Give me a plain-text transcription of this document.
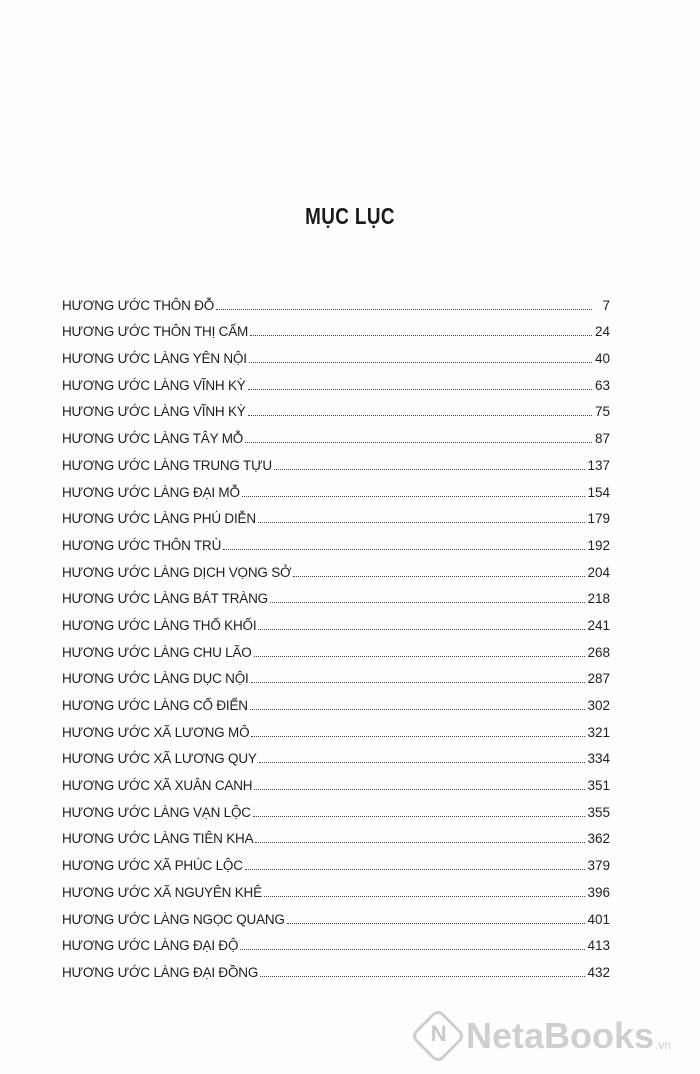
MỤC LỤC
HƯƠNG ƯỚC THÔN ĐỖ	7
HƯƠNG ƯỚC THÔN THỊ CẤM	24
HƯƠNG ƯỚC LÀNG YÊN NỘI	40
HƯƠNG ƯỚC LÀNG VĨNH KỲ	63
HƯƠNG ƯỚC LÀNG VĨNH KỲ	75
HƯƠNG ƯỚC LÀNG TÂY MỖ	87
HƯƠNG ƯỚC LÀNG TRUNG TỰU	137
HƯƠNG ƯỚC LÀNG ĐẠI MỖ	154
HƯƠNG ƯỚC LÀNG PHÚ DIỄN	179
HƯƠNG ƯỚC THÔN TRÙ	192
HƯƠNG ƯỚC LÀNG DỊCH VỌNG SỞ	204
HƯƠNG ƯỚC LÀNG BÁT TRÀNG	218
HƯƠNG ƯỚC LÀNG THỔ KHỐI	241
HƯƠNG ƯỚC LÀNG CHU LÃO	268
HƯƠNG ƯỚC LÀNG DỤC NỘI	287
HƯƠNG ƯỚC LÀNG CỔ ĐIỂN	302
HƯƠNG ƯỚC XÃ LƯƠNG MÔ	321
HƯƠNG ƯỚC XÃ LƯƠNG QUY	334
HƯƠNG ƯỚC XÃ XUÂN CANH	351
HƯƠNG ƯỚC LÀNG VẠN LỘC	355
HƯƠNG ƯỚC LÀNG TIÊN KHA	362
HƯƠNG ƯỚC XÃ PHÚC LỘC	379
HƯƠNG ƯỚC XÃ NGUYÊN KHÊ	396
HƯƠNG ƯỚC LÀNG NGỌC QUANG	401
HƯƠNG ƯỚC LÀNG ĐẠI ĐỘ	413
HƯƠNG ƯỚC LÀNG ĐẠI ĐỒNG	432
N NetaBooks .vn
